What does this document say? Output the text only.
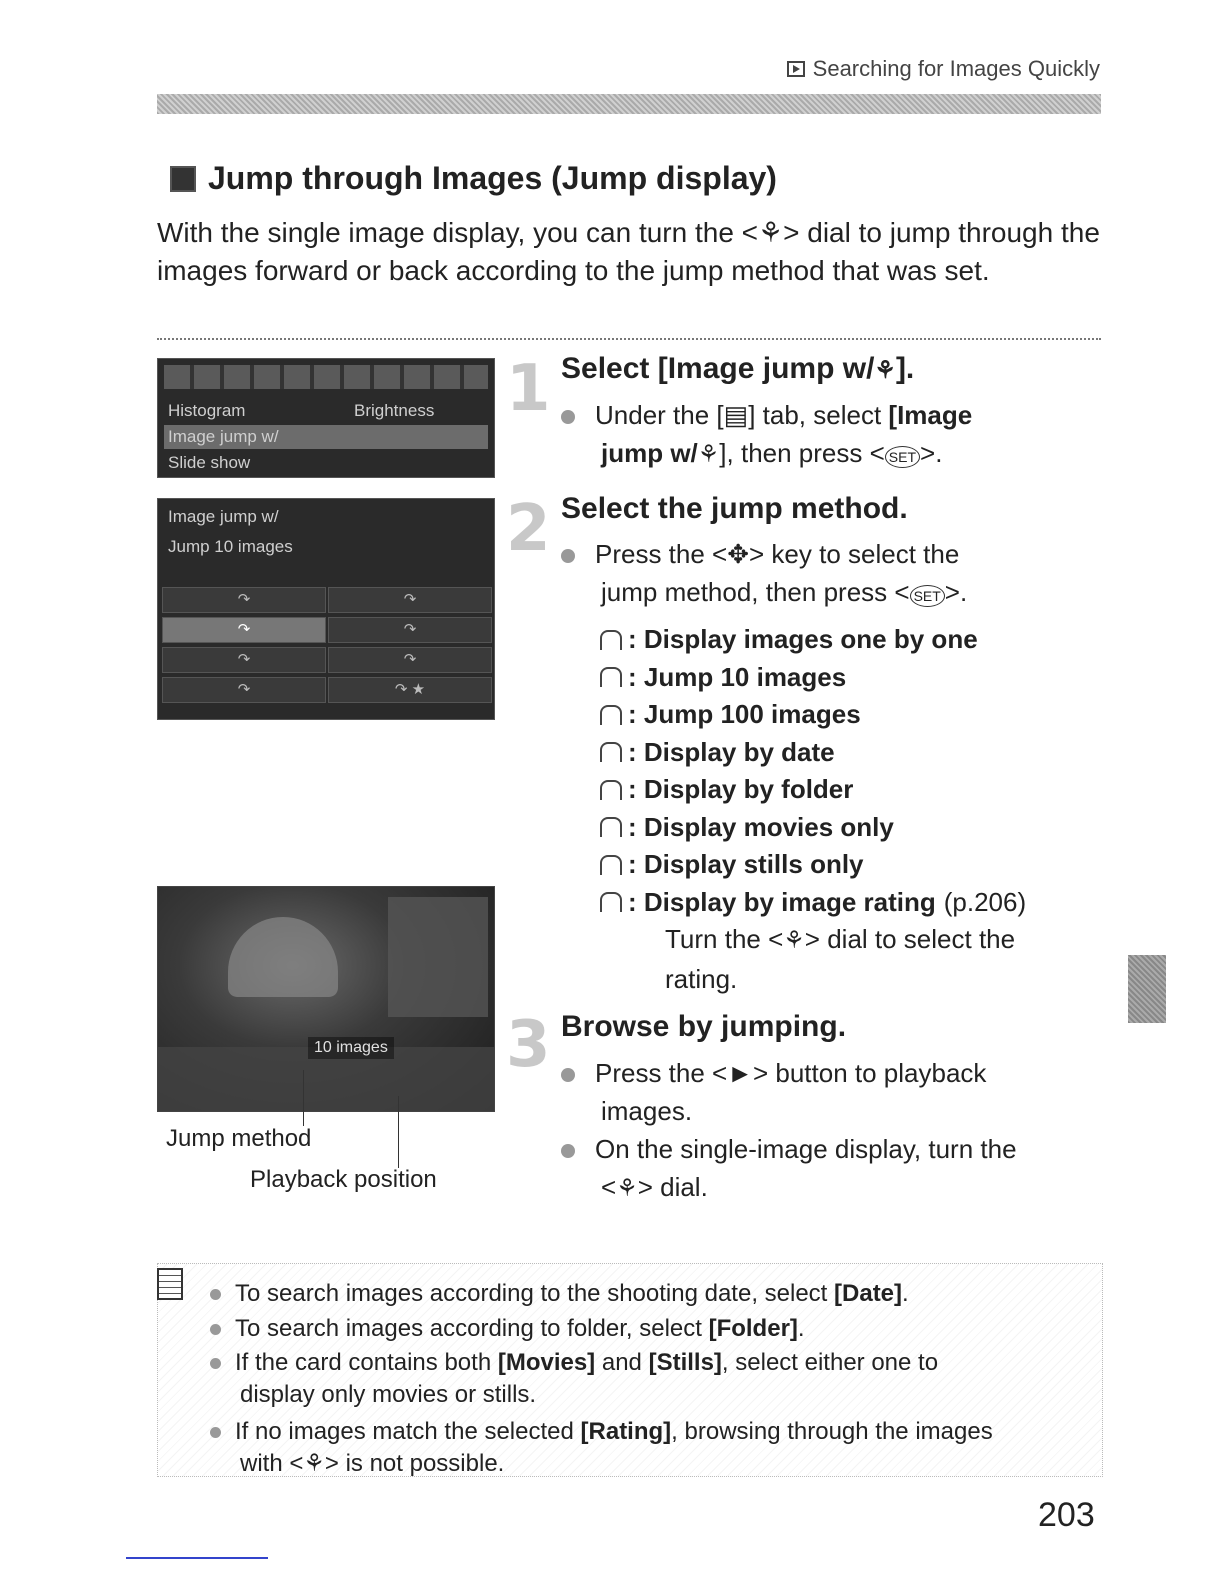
Searching for Images Quickly
Jump through Images (Jump display)
With the single image display, you can turn the <⚘> dial to jump through the images forward or back according to the jump method that was set.
Histogram	Brightness
Image jump w/
Slide show
Image jump w/
Jump 10 images
↷	↷
↷	↷
↷	↷
↷	↷ ★
10 images
Jump method
Playback position
1
2
3
Select [Image jump w/⚘].
Under the [▤] tab, select [Image
jump w/⚘], then press < SET >.
Select the jump method.
Press the <✥> key to select the
jump method, then press < SET >.
: Display images one by one
: Jump 10 images
: Jump 100 images
: Display by date
: Display by folder
: Display movies only
: Display stills only
: Display by image rating (p.206)
Turn the <⚘> dial to select the
rating.
Browse by jumping.
Press the <►> button to playback
images.
On the single-image display, turn the
<⚘> dial.
To search images according to the shooting date, select [Date].
To search images according to folder, select [Folder].
If the card contains both [Movies] and [Stills], select either one to
display only movies or stills.
If no images match the selected [Rating], browsing through the images
with <⚘> is not possible.
203
